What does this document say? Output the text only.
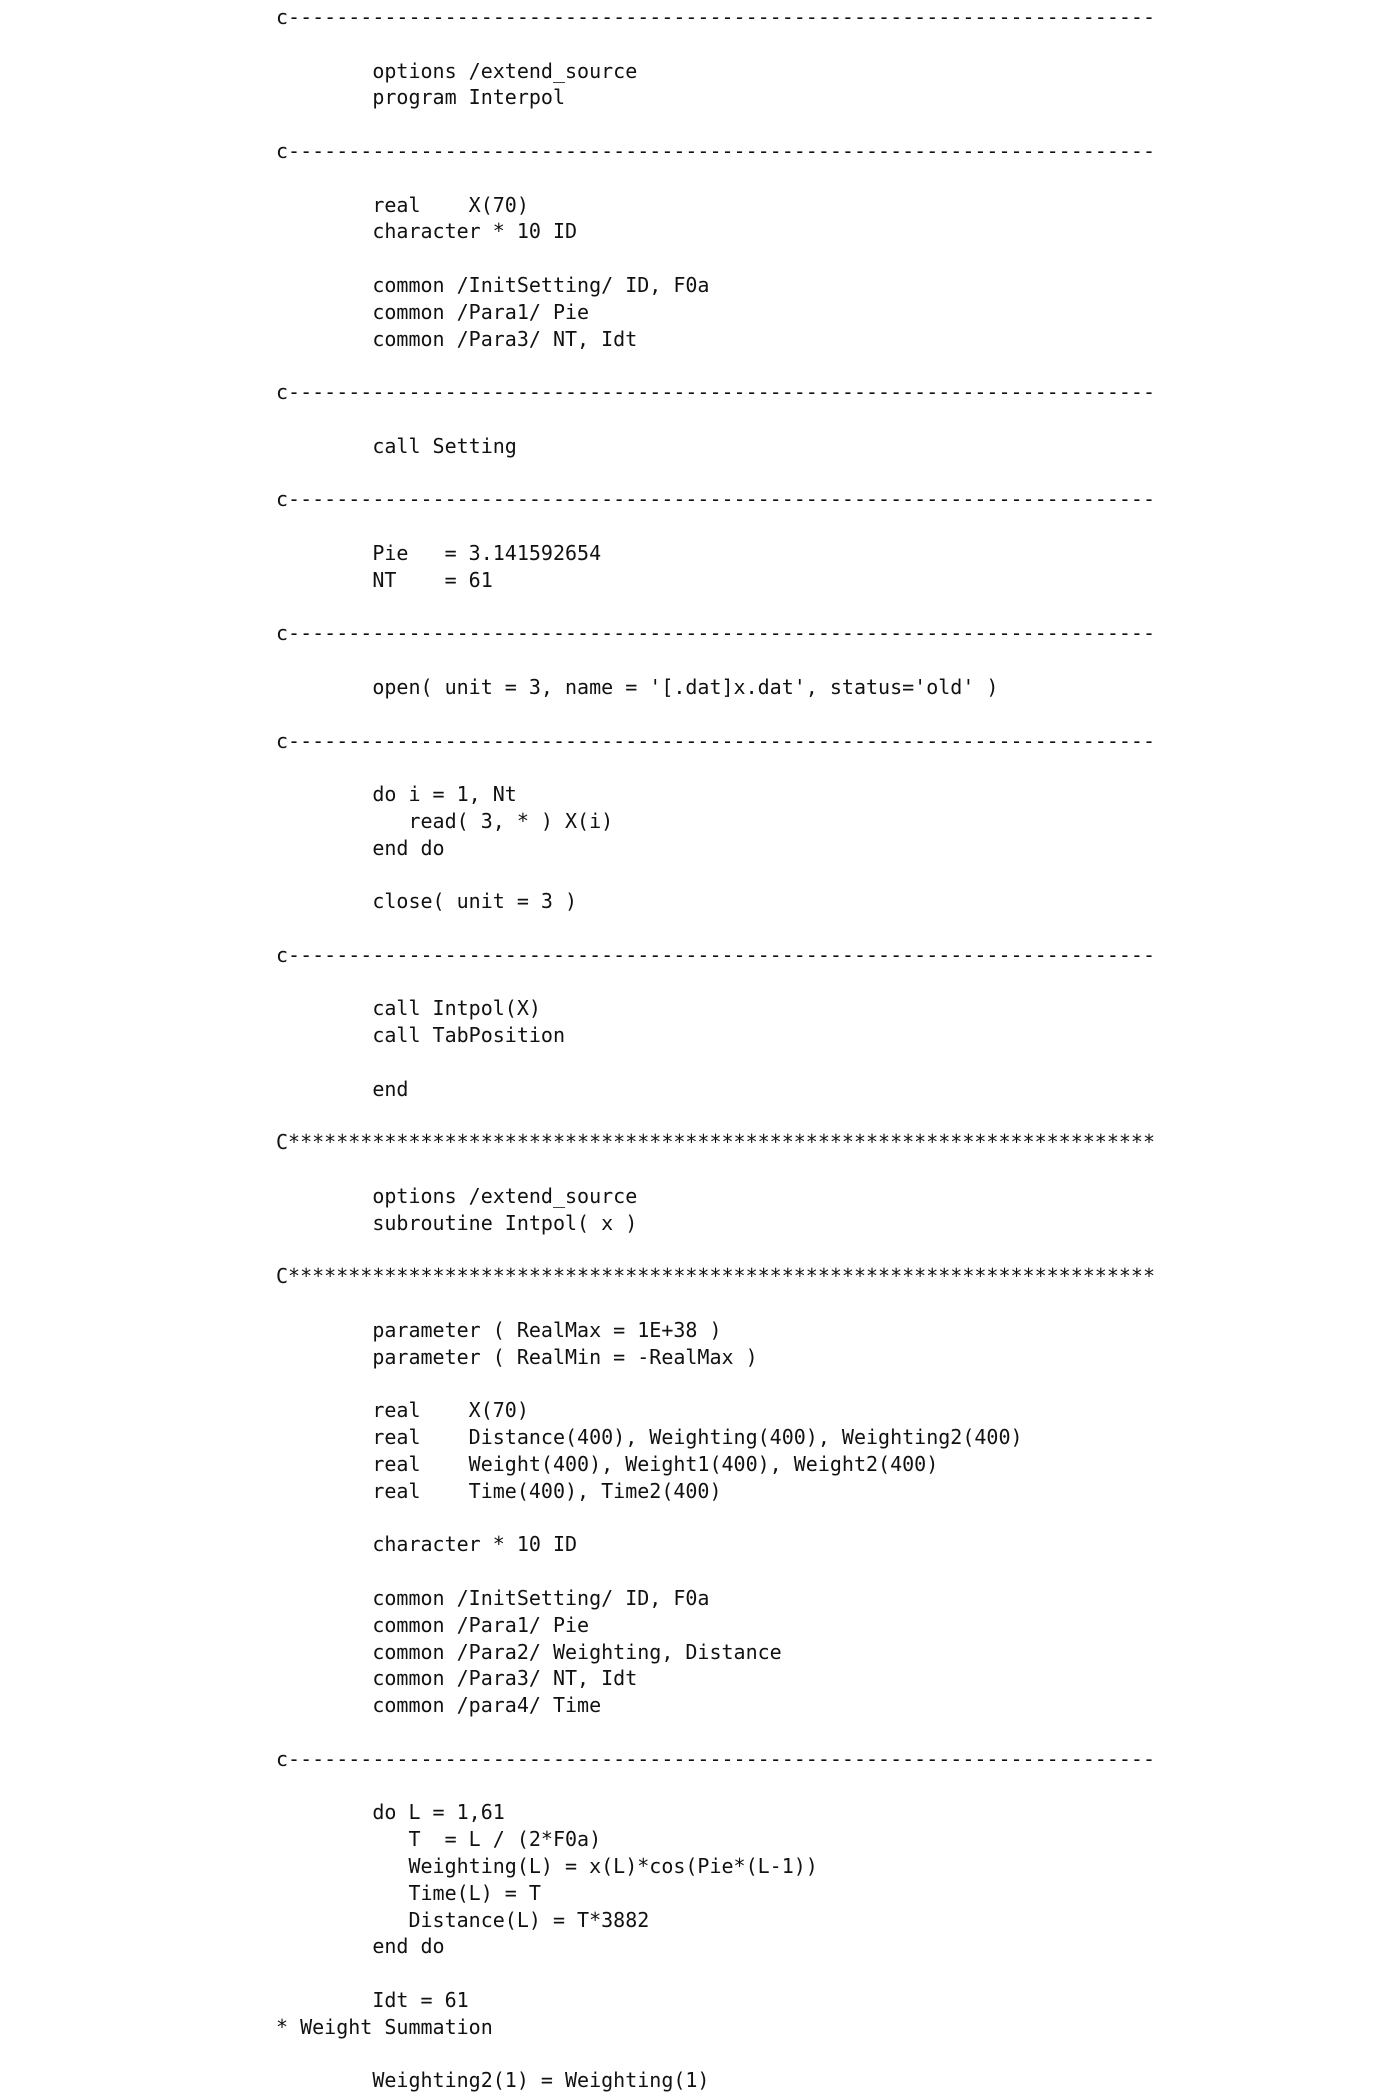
c------------------------------------------------------------------------
options /extend_source
program Interpol
c------------------------------------------------------------------------
real    X(70)
character * 10 ID
common /InitSetting/ ID, F0a
common /Para1/ Pie
common /Para3/ NT, Idt
c------------------------------------------------------------------------
call Setting
c------------------------------------------------------------------------
Pie   = 3.141592654
NT    = 61
c------------------------------------------------------------------------
open( unit = 3, name = '[.dat]x.dat', status='old' )
c------------------------------------------------------------------------
do i = 1, Nt
read( 3, * ) X(i)
end do
close( unit = 3 )
c------------------------------------------------------------------------
call Intpol(X)
call TabPosition
end
C************************************************************************
options /extend_source
subroutine Intpol( x )
C************************************************************************
parameter ( RealMax = 1E+38 )
parameter ( RealMin = -RealMax )
real    X(70)
real    Distance(400), Weighting(400), Weighting2(400)
real    Weight(400), Weight1(400), Weight2(400)
real    Time(400), Time2(400)
character * 10 ID
common /InitSetting/ ID, F0a
common /Para1/ Pie
common /Para2/ Weighting, Distance
common /Para3/ NT, Idt
common /para4/ Time
c------------------------------------------------------------------------
do L = 1,61
T  = L / (2*F0a)
Weighting(L) = x(L)*cos(Pie*(L-1))
Time(L) = T
Distance(L) = T*3882
end do
Idt = 61
* Weight Summation
Weighting2(1) = Weighting(1)
